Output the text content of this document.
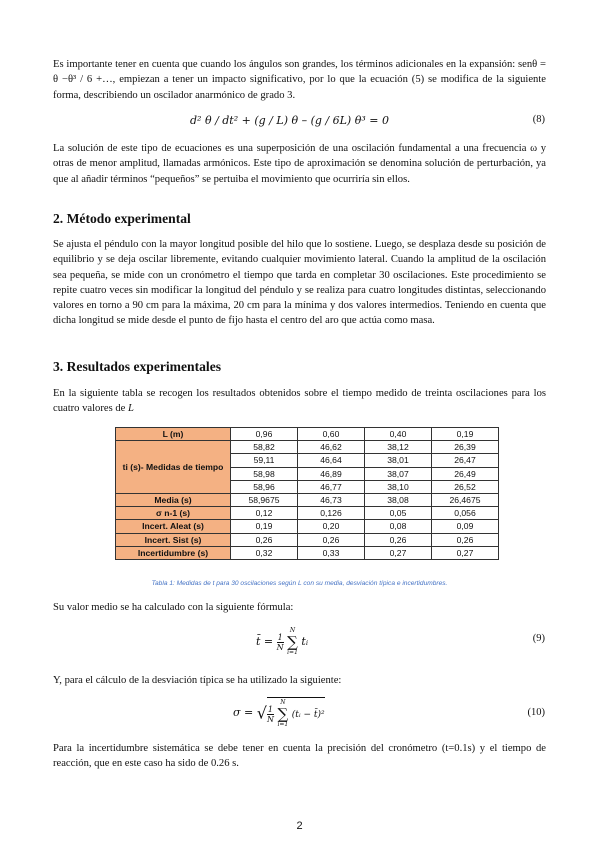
Es importante tener en cuenta que cuando los ángulos son grandes, los términos adicionales en la expansión: senθ = θ −θ³ / 6 +…, empiezan a tener un impacto significativo, por lo que la ecuación (5) se modifica de la siguiente forma, describiendo un oscilador anarmónico de grado 3.

d² θ / dt² + (g / L) θ – (g / 6L) θ³ = 0	(8)

La solución de este tipo de ecuaciones es una superposición de una oscilación fundamental a una frecuencia ω y otras de menor amplitud, llamadas armónicos. Este tipo de aproximación se denomina solución de perturbación, ya que al añadir términos “pequeños” se pertuiba el movimiento que ocurriría sin ellos.

2. Método experimental

Se ajusta el péndulo con la mayor longitud posible del hilo que lo sostiene. Luego, se desplaza desde su posición de equilibrio y se deja oscilar libremente, evitando cualquier movimiento lateral. Cuando la amplitud de la oscilación sea pequeña, se mide con un cronómetro el tiempo que tarda en completar 30 oscilaciones. Este procedimiento se repite cuatro veces sin modificar la longitud del péndulo y se realiza para cuatro longitudes distintas, seleccionando valores en torno a 90 cm para la máxima, 20 cm para la mínima y dos valores intermedios. Teniendo en cuenta que dicha longitud se mide desde el punto de fijo hasta el centro del aro que actúa como masa.

3. Resultados experimentales

En la siguiente tabla se recogen los resultados obtenidos sobre el tiempo medido de treinta oscilaciones para los cuatro valores de L

L (m)	0,96	0,60	0,40	0,19
ti (s)- Medidas de tiempo	58,82	46,62	38,12	26,39
	59,11	46,64	38,01	26,47
	58,98	46,89	38,07	26,49
	58,96	46,77	38,10	26,52
Media (s)	58,9675	46,73	38,08	26,4675
σ n-1 (s)	0,12	0,126	0,05	0,056
Incert. Aleat (s)	0,19	0,20	0,08	0,09
Incert. Sist (s)	0,26	0,26	0,26	0,26
Incertidumbre (s)	0,32	0,33	0,27	0,27
Tabla 1: Medidas de t para 30 oscilaciones según L con su media, desviación típica e incertidumbres.

Su valor medio se ha calculado con la siguiente fórmula:

t̄ = $\frac{1}{N}$

N
∑
i=1
tᵢ	(9)

Y, para el cálculo de la desviación típica se ha utilizado la siguiente:

σ = √ $\frac{1}{N}$

N
∑
i=1
(tᵢ − t̄)²	(10)

Para la incertidumbre sistemática se debe tener en cuenta la precisión del cronómetro (t=0.1s) y el tiempo de reacción, que en este caso ha sido de 0.26 s.

2
